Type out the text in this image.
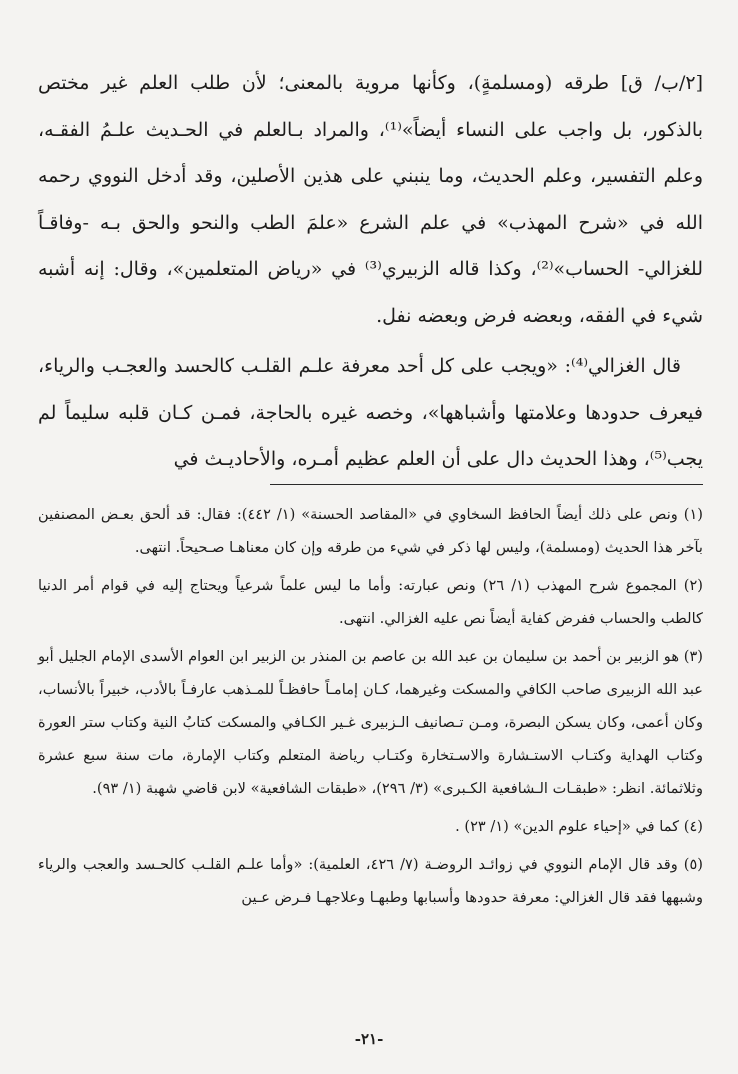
[٢/ب/ ق] طرقه (ومسلمةٍ)، وكأنها مروية بالمعنى؛ لأن طلب العلم غير مختص بالذكور، بل واجب على النساء أيضاً»⁽¹⁾، والمراد بـالعلم في الحـديث علـمُ الفقـه، وعلم التفسير، وعلم الحديث، وما ينبني على هذين الأصلين، وقد أدخل النووي رحمه الله في «شرح المهذب» في علم الشرع «علمَ الطب والنحو والحق بـه -وفاقـاً للغزالي- الحساب»⁽²⁾، وكذا قاله الزبيري⁽³⁾ في «رياض المتعلمين»، وقال: إنه أشبه شيء في الفقه، وبعضه فرض وبعضه نفل.

قال الغزالي⁽⁴⁾: «ويجب على كل أحد معرفة علـم القلـب كالحسد والعجـب والرياء، فيعرف حدودها وعلامتها وأشباهها»، وخصه غيره بالحاجة، فمـن كـان قلبه سليماً لم يجب⁽⁵⁾، وهذا الحديث دال على أن العلم عظيم أمـره، والأحاديـث في

(١) ونص على ذلك أيضاً الحافظ السخاوي في «المقاصد الحسنة» (١/ ٤٤٢): فقال: قد ألحق بعـض المصنفين بآخر هذا الحديث (ومسلمة)، وليس لها ذكر في شيء من طرقه وإن كان معناهـا صـحيحاً. انتهى.

(٢) المجموع شرح المهذب (١/ ٢٦) ونص عبارته: وأما ما ليس علماً شرعياً ويحتاج إليه في قوام أمر الدنيا كالطب والحساب ففرض كفاية أيضاً نص عليه الغزالي. انتهى.

(٣) هو الزبير بن أحمد بن سليمان بن عبد الله بن عاصم بن المنذر بن الزبير ابن العوام الأسدى الإمام الجليل أبو عبد الله الزبيرى صاحب الكافي والمسكت وغيرهما، كـان إمامـاً حافظـاً للمـذهب عارفـاً بالأدب، خبيراً بالأنساب، وكان أعمى، وكان يسكن البصرة، ومـن تـصانيف الـزبيرى غـير الكـافي والمسكت كتابُ النية وكتاب ستر العورة وكتاب الهداية وكتـاب الاستـشارة والاسـتخارة وكتـاب رياضة المتعلم وكتاب الإمارة، مات سنة سبع عشرة وثلاثمائة. انظر: «طبقـات الـشافعية الكـبرى» (٣/ ٢٩٦)، «طبقات الشافعية» لابن قاضي شهبة (١/ ٩٣).

(٤) كما في «إحياء علوم الدين» (١/ ٢٣) .

(٥) وقد قال الإمام النووي في زوائـد الروضـة (٧/ ٤٢٦، العلمية): «وأما علـم القلـب كالحـسد والعجب والرياء وشبهها فقد قال الغزالي: معرفة حدودها وأسبابها وطبهـا وعلاجهـا فـرض عـين

-٢١-
